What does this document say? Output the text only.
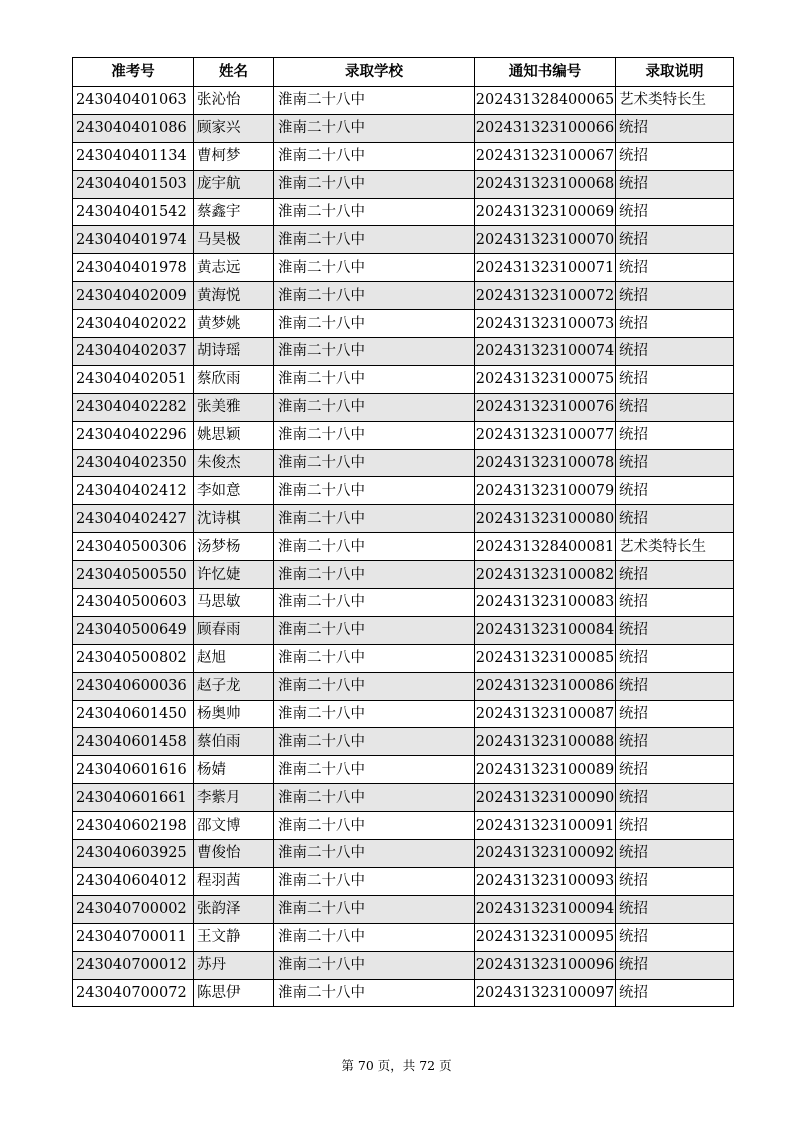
准考号	姓名	录取学校	通知书编号	录取说明
243040401063	张沁怡	淮南二十八中	202431328400065	艺术类特长生
243040401086	顾家兴	淮南二十八中	202431323100066	统招
243040401134	曹柯梦	淮南二十八中	202431323100067	统招
243040401503	庞宇航	淮南二十八中	202431323100068	统招
243040401542	蔡鑫宇	淮南二十八中	202431323100069	统招
243040401974	马昊极	淮南二十八中	202431323100070	统招
243040401978	黄志远	淮南二十八中	202431323100071	统招
243040402009	黄海悦	淮南二十八中	202431323100072	统招
243040402022	黄梦姚	淮南二十八中	202431323100073	统招
243040402037	胡诗瑶	淮南二十八中	202431323100074	统招
243040402051	蔡欣雨	淮南二十八中	202431323100075	统招
243040402282	张美雅	淮南二十八中	202431323100076	统招
243040402296	姚思颖	淮南二十八中	202431323100077	统招
243040402350	朱俊杰	淮南二十八中	202431323100078	统招
243040402412	李如意	淮南二十八中	202431323100079	统招
243040402427	沈诗棋	淮南二十八中	202431323100080	统招
243040500306	汤梦杨	淮南二十八中	202431328400081	艺术类特长生
243040500550	许忆婕	淮南二十八中	202431323100082	统招
243040500603	马思敏	淮南二十八中	202431323100083	统招
243040500649	顾春雨	淮南二十八中	202431323100084	统招
243040500802	赵旭	淮南二十八中	202431323100085	统招
243040600036	赵子龙	淮南二十八中	202431323100086	统招
243040601450	杨奥帅	淮南二十八中	202431323100087	统招
243040601458	蔡伯雨	淮南二十八中	202431323100088	统招
243040601616	杨婧	淮南二十八中	202431323100089	统招
243040601661	李紫月	淮南二十八中	202431323100090	统招
243040602198	邵文博	淮南二十八中	202431323100091	统招
243040603925	曹俊怡	淮南二十八中	202431323100092	统招
243040604012	程羽茜	淮南二十八中	202431323100093	统招
243040700002	张韵泽	淮南二十八中	202431323100094	统招
243040700011	王文静	淮南二十八中	202431323100095	统招
243040700012	苏丹	淮南二十八中	202431323100096	统招
243040700072	陈思伊	淮南二十八中	202431323100097	统招
第 70 页，共 72 页
